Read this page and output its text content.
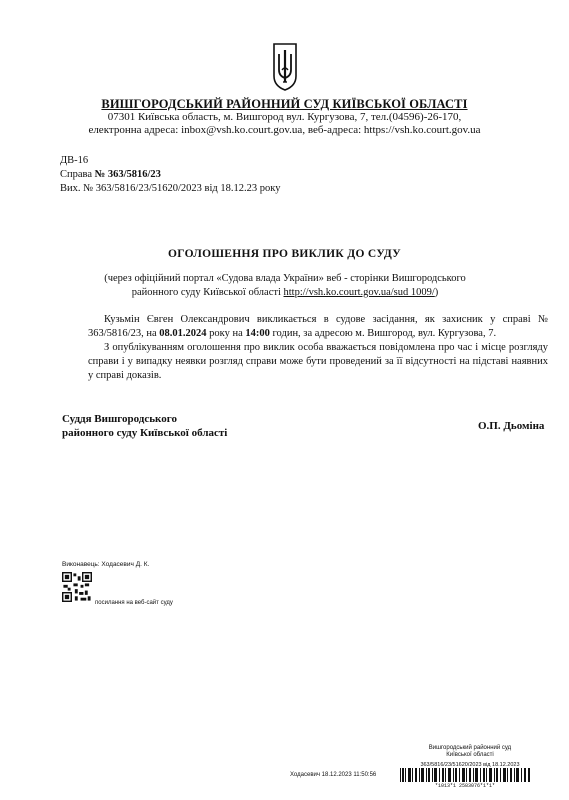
ВИШГОРОДСЬКИЙ РАЙОННИЙ СУД КИЇВСЬКОЇ ОБЛАСТІ
07301 Київська область, м. Вишгород вул. Кургузова, 7, тел.(04596)-26-170,
електронна адреса: inbox@vsh.ko.court.gov.ua, веб-адреса: https://vsh.ko.court.gov.ua
ДВ-16
Справа № 363/5816/23
Вих. № 363/5816/23/51620/2023 від 18.12.23 року
ОГОЛОШЕННЯ ПРО ВИКЛИК ДО СУДУ
(через офіційний портал «Судова влада України» веб - сторінки Вишгородського районного суду Київської області http://vsh.ko.court.gov.ua/sud 1009/)

Кузьмін Євген Олександрович викликається в судове засідання, як захисник у справі № 363/5816/23, на 08.01.2024 року на 14:00 годин, за адресою м. Вишгород, вул. Кургузова, 7.

З опублікуванням оголошення про виклик особа вважається повідомлена про час і місце розгляду справи і у випадку неявки розгляд справи може бути проведений за її відсутності на підставі наявних у справі доказів.

Суддя Вишгородського
районного суду Київської області
О.П. Дьоміна
Виконавець: Ходасевич Д. К.
посилання на веб-сайт суду
Вишгородський районний суд
Київської області
363/5816/23/51620/2023 від 18.12.2023
Ходасевич 18.12.2023 11:50:56
*1013*1 2583076*1*1*
